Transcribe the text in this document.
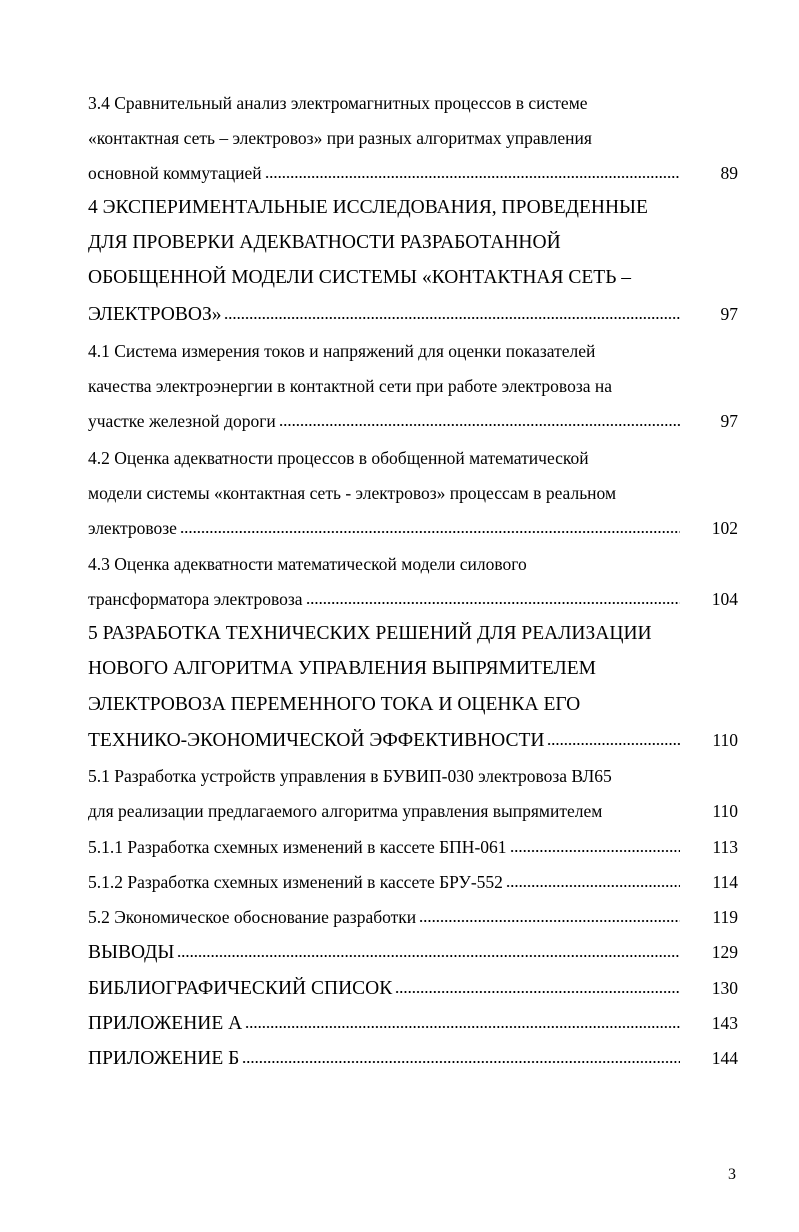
3.4 Сравнительный анализ электромагнитных процессов в системе
«контактная сеть – электровоз» при разных алгоритмах управления
основной коммутацией	89
4 ЭКСПЕРИМЕНТАЛЬНЫЕ ИССЛЕДОВАНИЯ, ПРОВЕДЕННЫЕ
ДЛЯ ПРОВЕРКИ АДЕКВАТНОСТИ РАЗРАБОТАННОЙ
ОБОБЩЕННОЙ МОДЕЛИ СИСТЕМЫ «КОНТАКТНАЯ СЕТЬ –
ЭЛЕКТРОВОЗ»	97
4.1 Система измерения токов и напряжений для оценки показателей
качества электроэнергии в контактной сети при работе электровоза на
участке железной дороги	97
4.2 Оценка адекватности процессов в обобщенной математической
модели системы «контактная сеть - электровоз» процессам в реальном
электровозе	102
4.3 Оценка адекватности математической модели силового
трансформатора электровоза	104
5 РАЗРАБОТКА ТЕХНИЧЕСКИХ РЕШЕНИЙ ДЛЯ РЕАЛИЗАЦИИ
НОВОГО АЛГОРИТМА УПРАВЛЕНИЯ ВЫПРЯМИТЕЛЕМ
ЭЛЕКТРОВОЗА ПЕРЕМЕННОГО ТОКА И ОЦЕНКА ЕГО
ТЕХНИКО-ЭКОНОМИЧЕСКОЙ ЭФФЕКТИВНОСТИ	110
5.1 Разработка устройств управления в БУВИП-030 электровоза ВЛ65
для реализации предлагаемого алгоритма управления выпрямителем	110
5.1.1 Разработка схемных изменений в кассете БПН-061	113
5.1.2 Разработка схемных изменений в кассете БРУ-552	114
5.2 Экономическое обоснование разработки	119
ВЫВОДЫ	129
БИБЛИОГРАФИЧЕСКИЙ СПИСОК	130
ПРИЛОЖЕНИЕ А	143
ПРИЛОЖЕНИЕ Б	144
3
